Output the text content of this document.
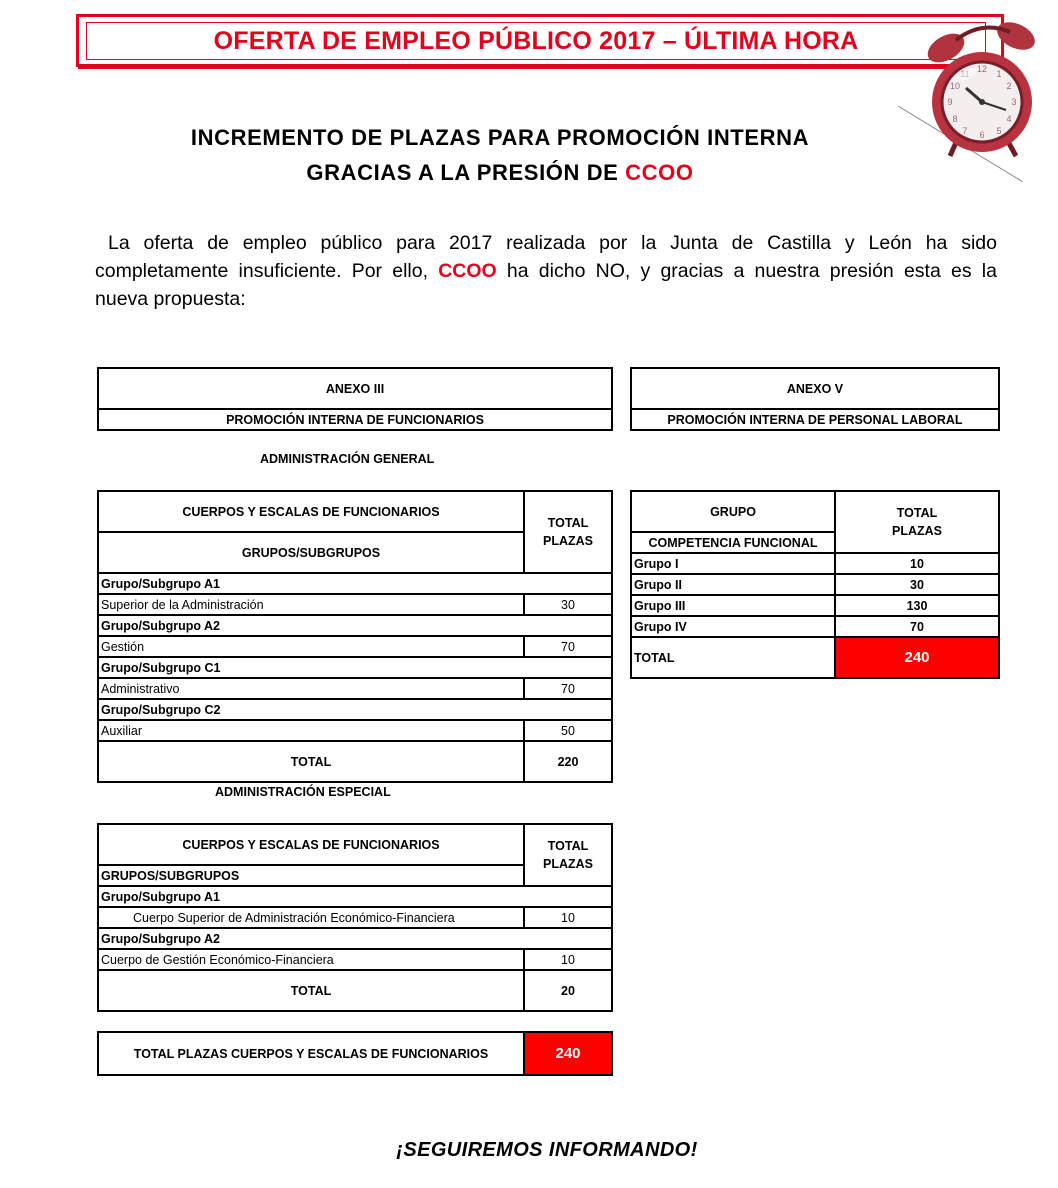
OFERTA DE EMPLEO PÚBLICO 2017 – ÚLTIMA HORA
12
3
6
9
1
2
4
5
7
8
10
INCREMENTO DE PLAZAS PARA PROMOCIÓN INTERNA
GRACIAS A LA PRESIÓN DE CCOO
La oferta de empleo público para 2017 realizada por la Junta de Castilla y León ha sido
completamente insuficiente. Por ello, CCOO ha dicho NO, y gracias a nuestra presión esta es la
nueva propuesta:
ANEXO III
PROMOCIÓN INTERNA DE FUNCIONARIOS
ANEXO V
PROMOCIÓN INTERNA DE PERSONAL LABORAL
ADMINISTRACIÓN GENERAL
CUERPOS Y ESCALAS DE FUNCIONARIOS
GRUPOS/SUBGRUPOS
TOTAL
PLAZAS
Grupo/Subgrupo A1
Superior de la Administración	30
Grupo/Subgrupo A2
Gestión	70
Grupo/Subgrupo C1
Administrativo	70
Grupo/Subgrupo C2
Auxiliar	50
TOTAL	220
ADMINISTRACIÓN ESPECIAL
CUERPOS Y ESCALAS DE FUNCIONARIOS
GRUPOS/SUBGRUPOS
TOTAL
PLAZAS
Grupo/Subgrupo A1
Cuerpo Superior de Administración Económico-Financiera	10
Grupo/Subgrupo A2
Cuerpo de Gestión Económico-Financiera	10
TOTAL	20
TOTAL PLAZAS CUERPOS Y ESCALAS DE FUNCIONARIOS	240
GRUPO
COMPETENCIA FUNCIONAL
TOTAL
PLAZAS
Grupo I	10
Grupo II	30
Grupo III	130
Grupo IV	70
TOTAL	240
¡SEGUIREMOS INFORMANDO!
